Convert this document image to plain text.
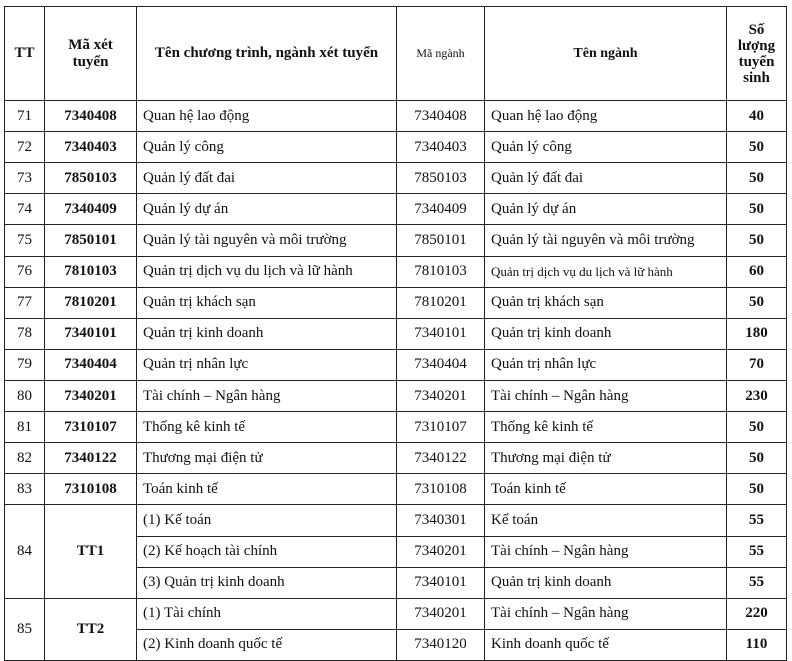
TT	Mã xét tuyển	Tên chương trình, ngành xét tuyển	Mã ngành	Tên ngành	Số lượng tuyển sinh
71	7340408	Quan hệ lao động	7340408	Quan hệ lao động	40
72	7340403	Quản lý công	7340403	Quản lý công	50
73	7850103	Quản lý đất đai	7850103	Quản lý đất đai	50
74	7340409	Quản lý dự án	7340409	Quản lý dự án	50
75	7850101	Quản lý tài nguyên và môi trường	7850101	Quản lý tài nguyên và môi trường	50
76	7810103	Quản trị dịch vụ du lịch và lữ hành	7810103	Quản trị dịch vụ du lịch và lữ hành	60
77	7810201	Quản trị khách sạn	7810201	Quản trị khách sạn	50
78	7340101	Quản trị kinh doanh	7340101	Quản trị kinh doanh	180
79	7340404	Quản trị nhân lực	7340404	Quản trị nhân lực	70
80	7340201	Tài chính – Ngân hàng	7340201	Tài chính – Ngân hàng	230
81	7310107	Thống kê kinh tế	7310107	Thống kê kinh tế	50
82	7340122	Thương mại điện tử	7340122	Thương mại điện tử	50
83	7310108	Toán kinh tế	7310108	Toán kinh tế	50
84	TT1	(1) Kế toán	7340301	Kế toán	55
		(2) Kế hoạch tài chính	7340201	Tài chính – Ngân hàng	55
		(3) Quản trị kinh doanh	7340101	Quản trị kinh doanh	55
85	TT2	(1) Tài chính	7340201	Tài chính – Ngân hàng	220
		(2) Kinh doanh quốc tế	7340120	Kinh doanh quốc tế	110
